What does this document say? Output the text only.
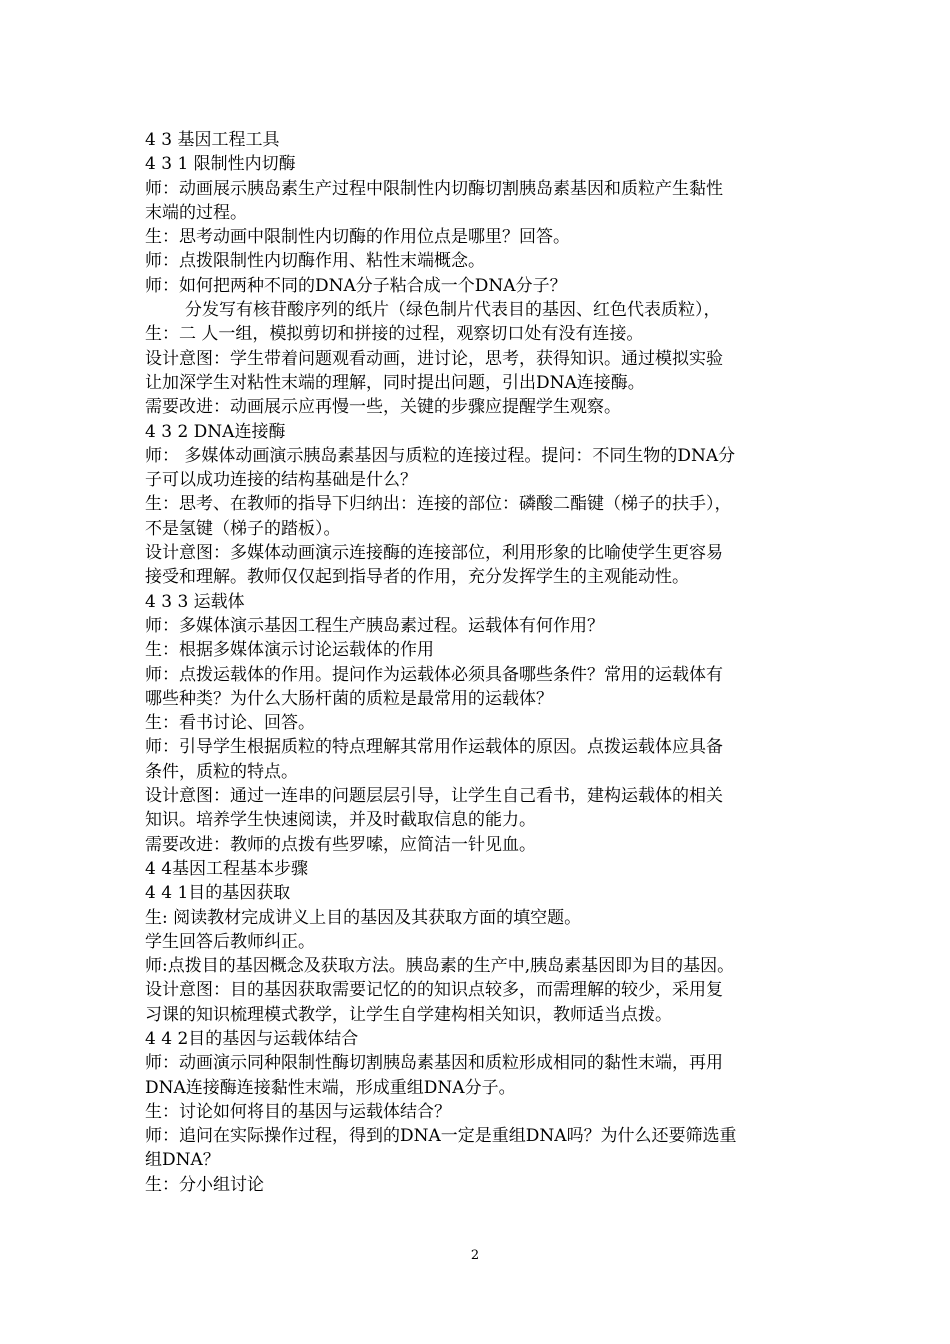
4 3 基因工程工具
4 3 1 限制性内切酶
师：动画展示胰岛素生产过程中限制性内切酶切割胰岛素基因和质粒产生黏性
末端的过程。
生：思考动画中限制性内切酶的作用位点是哪里？回答。
师：点拨限制性内切酶作用、粘性末端概念。
师：如何把两种不同的DNA分子粘合成一个DNA分子？
分发写有核苷酸序列的纸片（绿色制片代表目的基因、红色代表质粒），
生：二 人一组，模拟剪切和拼接的过程，观察切口处有没有连接。
设计意图：学生带着问题观看动画，进讨论，思考，获得知识。通过模拟实验
让加深学生对粘性末端的理解，同时提出问题，引出DNA连接酶。
需要改进：动画展示应再慢一些，关键的步骤应提醒学生观察。
4 3 2 DNA连接酶
师： 多媒体动画演示胰岛素基因与质粒的连接过程。提问：不同生物的DNA分
子可以成功连接的结构基础是什么？
生：思考、在教师的指导下归纳出：连接的部位：磷酸二酯键（梯子的扶手），
不是氢键（梯子的踏板）。
设计意图：多媒体动画演示连接酶的连接部位，利用形象的比喻使学生更容易
接受和理解。教师仅仅起到指导者的作用，充分发挥学生的主观能动性。
4 3 3 运载体
师：多媒体演示基因工程生产胰岛素过程。运载体有何作用？
生：根据多媒体演示讨论运载体的作用
师：点拨运载体的作用。提问作为运载体必须具备哪些条件？常用的运载体有
哪些种类？为什么大肠杆菌的质粒是最常用的运载体？
生：看书讨论、回答。
师：引导学生根据质粒的特点理解其常用作运载体的原因。点拨运载体应具备
条件，质粒的特点。
设计意图：通过一连串的问题层层引导，让学生自己看书，建构运载体的相关
知识。培养学生快速阅读，并及时截取信息的能力。
需要改进：教师的点拨有些罗嗦，应简洁一针见血。
4 4基因工程基本步骤
4 4 1目的基因获取
生: 阅读教材完成讲义上目的基因及其获取方面的填空题。
学生回答后教师纠正。
师:点拨目的基因概念及获取方法。胰岛素的生产中,胰岛素基因即为目的基因。
设计意图：目的基因获取需要记忆的的知识点较多，而需理解的较少，采用复
习课的知识梳理模式教学，让学生自学建构相关知识，教师适当点拨。
4 4 2目的基因与运载体结合
师：动画演示同种限制性酶切割胰岛素基因和质粒形成相同的黏性末端，再用
DNA连接酶连接黏性末端，形成重组DNA分子。
生：讨论如何将目的基因与运载体结合？
师：追问在实际操作过程，得到的DNA一定是重组DNA吗？为什么还要筛选重
组DNA？
生：分小组讨论
2
